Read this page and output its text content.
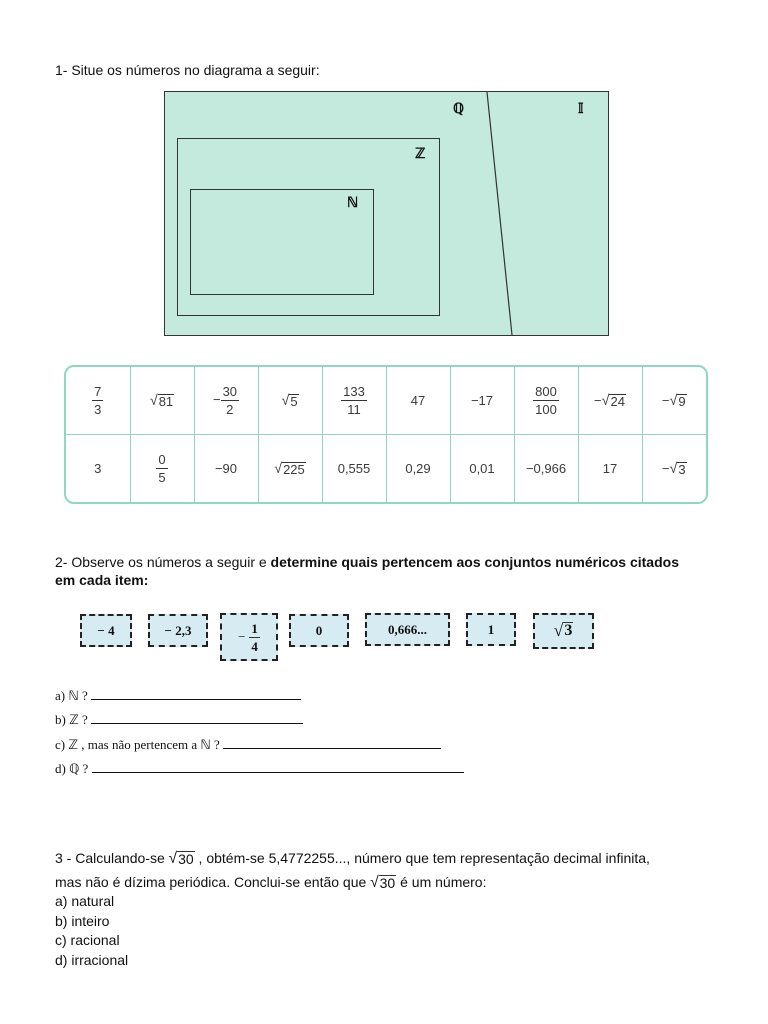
1- Situe os números no diagrama a seguir:
ℚ	𝕀
ℤ
ℕ
$\frac{7}{3}$	√ 81	− $\frac{30}{2}$	√ 5	$\frac{133}{11}$	47	−17	$\frac{800}{100}$	− √ 24	− √ 9

3	$\frac{0}{5}$	−90	√ 225	0,555	0,29	0,01	−0,966	17	− √ 3
2- Observe os números a seguir e determine quais pertencem aos conjuntos numéricos citados
em cada item:
− 4	− 2,3	− $\frac{1}{4}$	0	0,666...	1	√ 3
a) ℕ ?
b) ℤ ?
c) ℤ , mas não pertencem a ℕ ?
d) ℚ ?
3 - Calculando-se √ 30 , obtém-se 5,4772255..., número que tem representação decimal infinita,
mas não é dízima periódica. Conclui-se então que √ 30 é um número:
a) natural
b) inteiro
c) racional
d) irracional
